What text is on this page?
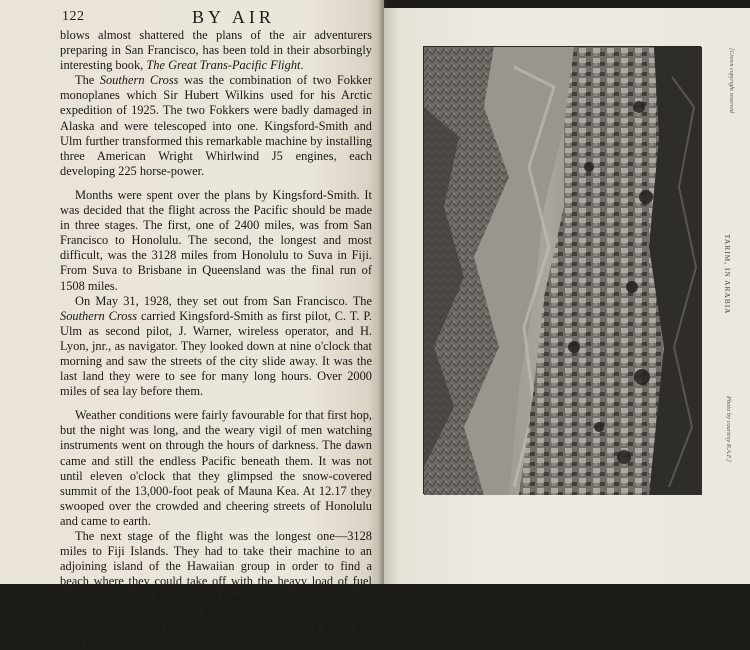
122	BY AIR

blows almost shattered the plans of the air adventurers preparing in San Francisco, has been told in their absorbingly interesting book, The Great Trans-Pacific Flight.

The Southern Cross was the combination of two Fokker monoplanes which Sir Hubert Wilkins used for his Arctic expedition of 1925. The two Fokkers were badly damaged in Alaska and were telescoped into one. Kingsford-Smith and Ulm further transformed this remarkable machine by installing three American Wright Whirlwind J5 engines, each developing 225 horse-power.

Months were spent over the plans by Kingsford-Smith. It was decided that the flight across the Pacific should be made in three stages. The first, one of 2400 miles, was from San Francisco to Honolulu. The second, the longest and most difficult, was the 3128 miles from Honolulu to Suva in Fiji. From Suva to Brisbane in Queensland was the final run of 1508 miles.

On May 31, 1928, they set out from San Francisco. The Southern Cross carried Kingsford-Smith as first pilot, C. T. P. Ulm as second pilot, J. Warner, wireless operator, and H. Lyon, jnr., as navigator. They looked down at nine o'clock that morning and saw the streets of the city slide away. It was the last land they were to see for many long hours. Over 2000 miles of sea lay before them.

Weather conditions were fairly favourable for that first hop, but the night was long, and the weary vigil of men watching instruments went on through the hours of darkness. The dawn came and still the endless Pacific beneath them. It was not until eleven o'clock that they glimpsed the snow-covered summit of the 13,000-foot peak of Mauna Kea. At 12.17 they swooped over the crowded and cheering streets of Honolulu and came to earth.

The next stage of the flight was the longest one—3128 miles to Fiji Islands. They had to take their machine to an adjoining island of the Hawaiian group in order to find a beach where they could take off with the heavy load of fuel necessary for such a flight. At a quarter past five on June 3 the Southern Cross took the air and slowly climbed to an altitude of 350 feet in eight minutes. Only superb piloting saved the craft from disaster.

[Crown copyright reserved
TARIM, IN ARABIA
Photo by courtesy R.A.F.]
